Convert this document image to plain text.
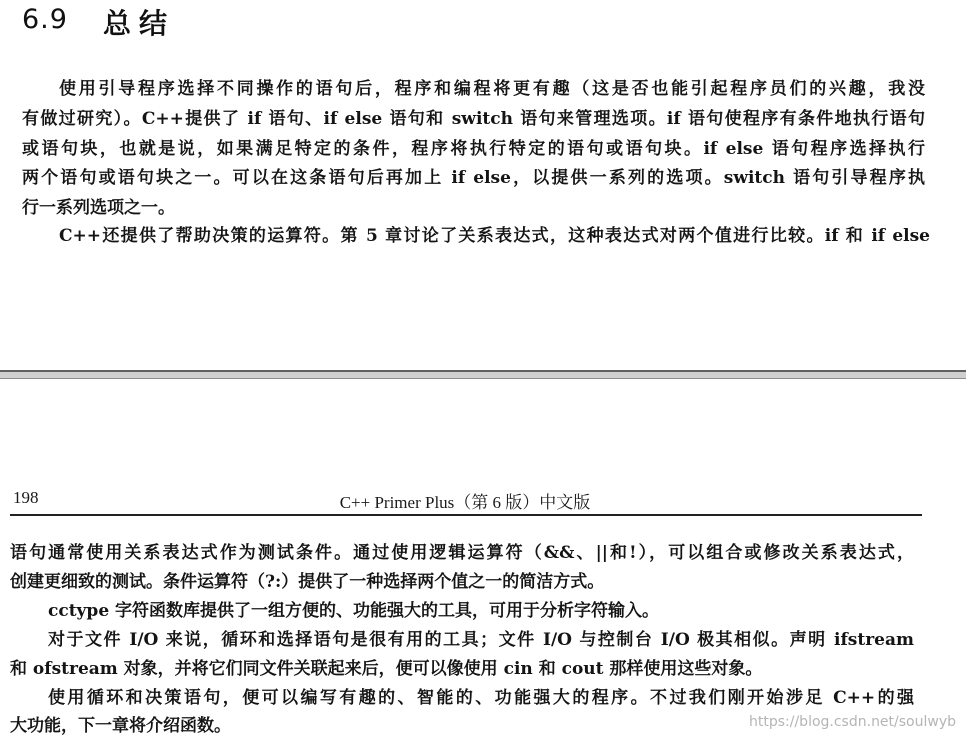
6.9 总结
使用引导程序选择不同操作的语句后，程序和编程将更有趣（这是否也能引起程序员们的兴趣，我没
有做过研究）。C++提供了 if 语句、if else 语句和 switch 语句来管理选项。if 语句使程序有条件地执行语句
或语句块，也就是说，如果满足特定的条件，程序将执行特定的语句或语句块。if else 语句程序选择执行
两个语句或语句块之一。可以在这条语句后再加上 if else，以提供一系列的选项。switch 语句引导程序执
行一系列选项之一。
C++还提供了帮助决策的运算符。第 5 章讨论了关系表达式，这种表达式对两个值进行比较。if 和 if else
198	C++ Primer Plus（第 6 版）中文版
语句通常使用关系表达式作为测试条件。通过使用逻辑运算符（&&、||和!），可以组合或修改关系表达式，
创建更细致的测试。条件运算符（?:）提供了一种选择两个值之一的简洁方式。
cctype 字符函数库提供了一组方便的、功能强大的工具，可用于分析字符输入。
对于文件 I/O 来说，循环和选择语句是很有用的工具；文件 I/O 与控制台 I/O 极其相似。声明 ifstream
和 ofstream 对象，并将它们同文件关联起来后，便可以像使用 cin 和 cout 那样使用这些对象。
使用循环和决策语句，便可以编写有趣的、智能的、功能强大的程序。不过我们刚开始涉足 C++的强
大功能，下一章将介绍函数。	https://blog.csdn.net/soulwyb
